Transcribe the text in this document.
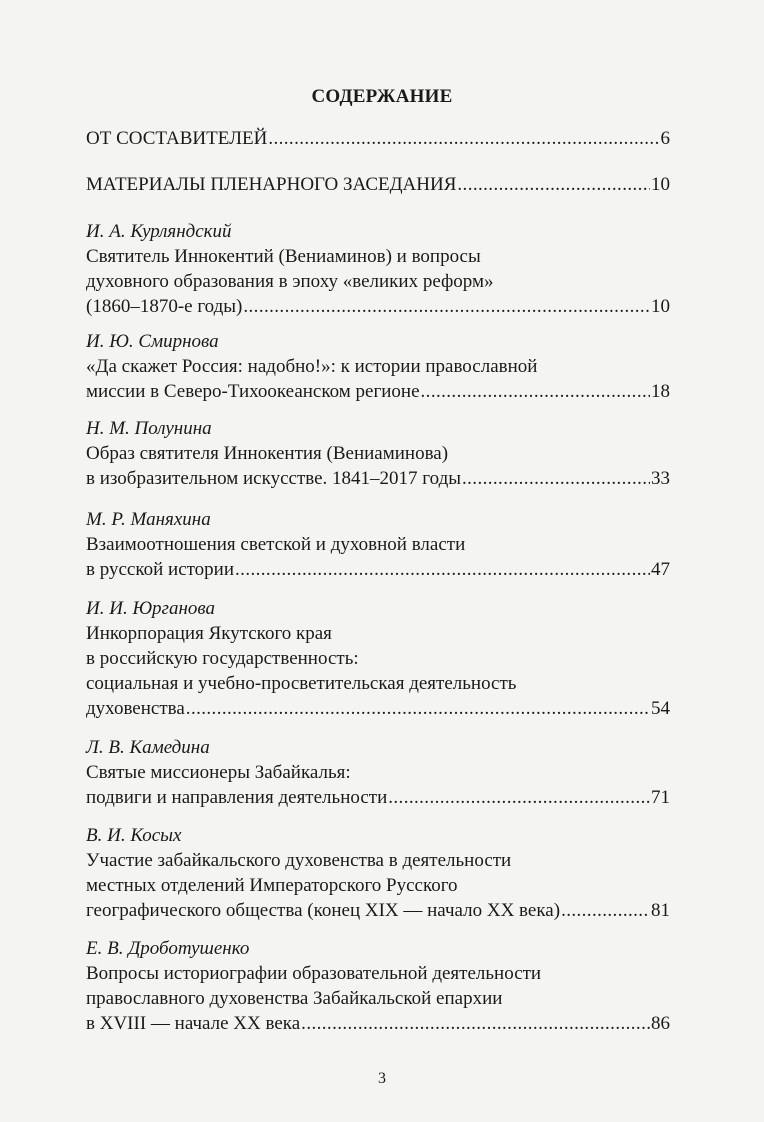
СОДЕРЖАНИЕ
ОТ СОСТАВИТЕЛЕЙ .....	6
МАТЕРИАЛЫ ПЛЕНАРНОГО ЗАСЕДАНИЯ .....	10
И. А. Курляндский
Святитель Иннокентий (Вениаминов) и вопросы
духовного образования в эпоху «великих реформ»
(1860–1870-е годы) .....	10
И. Ю. Смирнова
«Да скажет Россия: надобно!»: к истории православной
миссии в Северо-Тихоокеанском регионе .....	18
Н. М. Полунина
Образ святителя Иннокентия (Вениаминова)
в изобразительном искусстве. 1841–2017 годы .....	33
М. Р. Маняхина
Взаимоотношения светской и духовной власти
в русской истории .....	47
И. И. Юрганова
Инкорпорация Якутского края
в российскую государственность:
социальная и учебно-просветительская деятельность
духовенства .....	54
Л. В. Камедина
Святые миссионеры Забайкалья:
подвиги и направления деятельности .....	71
В. И. Косых
Участие забайкальского духовенства в деятельности
местных отделений Императорского Русского
географического общества (конец XIX — начало XX века) .....	81
Е. В. Дроботушенко
Вопросы историографии образовательной деятельности
православного духовенства Забайкальской епархии
в XVIII — начале XX века .....	86
3
